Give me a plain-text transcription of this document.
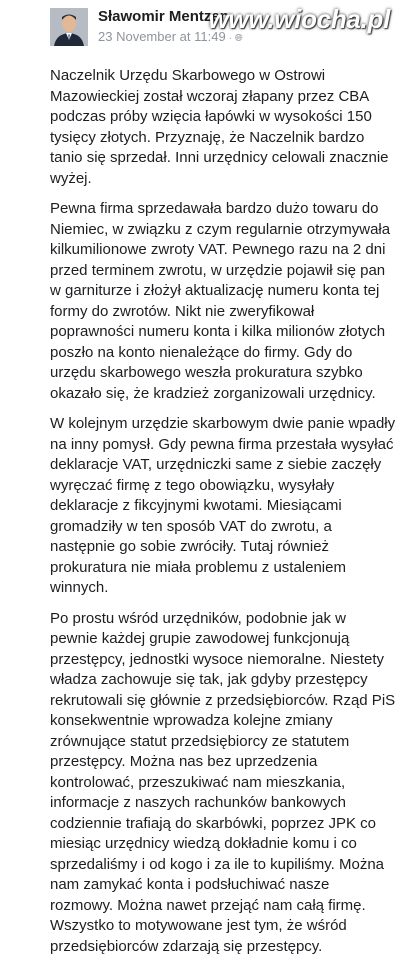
Sławomir Mentzen
23 November at 11:49 · 🌐︎
www.wiocha.pl

Naczelnik Urzędu Skarbowego w Ostrowi Mazowieckiej został wczoraj złapany przez CBA podczas próby wzięcia łapówki w wysokości 150 tysięcy złotych. Przyznaję, że Naczelnik bardzo tanio się sprzedał. Inni urzędnicy celowali znacznie wyżej.

Pewna firma sprzedawała bardzo dużo towaru do Niemiec, w związku z czym regularnie otrzymywała kilkumilionowe zwroty VAT. Pewnego razu na 2 dni przed terminem zwrotu, w urzędzie pojawił się pan w garniturze i złożył aktualizację numeru konta tej formy do zwrotów. Nikt nie zweryfikował poprawności numeru konta i kilka milionów złotych poszło na konto nienależące do firmy. Gdy do urzędu skarbowego weszła prokuratura szybko okazało się, że kradzież zorganizowali urzędnicy.

W kolejnym urzędzie skarbowym dwie panie wpadły na inny pomysł. Gdy pewna firma przestała wysyłać deklaracje VAT, urzędniczki same z siebie zaczęły wyręczać firmę z tego obowiązku, wysyłały deklaracje z fikcyjnymi kwotami. Miesiącami gromadziły w ten sposób VAT do zwrotu, a następnie go sobie zwróciły. Tutaj również prokuratura nie miała problemu z ustaleniem winnych.

Po prostu wśród urzędników, podobnie jak w pewnie każdej grupie zawodowej funkcjonują przestępcy, jednostki wysoce niemoralne. Niestety władza zachowuje się tak, jak gdyby przestępcy rekrutowali się głównie z przedsiębiorców. Rząd PiS konsekwentnie wprowadza kolejne zmiany zrównujące statut przedsiębiorcy ze statutem przestępcy. Można nas bez uprzedzenia kontrolować, przeszukiwać nam mieszkania, informacje z naszych rachunków bankowych codziennie trafiają do skarbówki, poprzez JPK co miesiąc urzędnicy wiedzą dokładnie komu i co sprzedaliśmy i od kogo i za ile to kupiliśmy. Można nam zamykać konta i podsłuchiwać nasze rozmowy. Można nawet przejąć nam całą firmę. Wszystko to motywowane jest tym, że wśród przedsiębiorców zdarzają się przestępcy.
